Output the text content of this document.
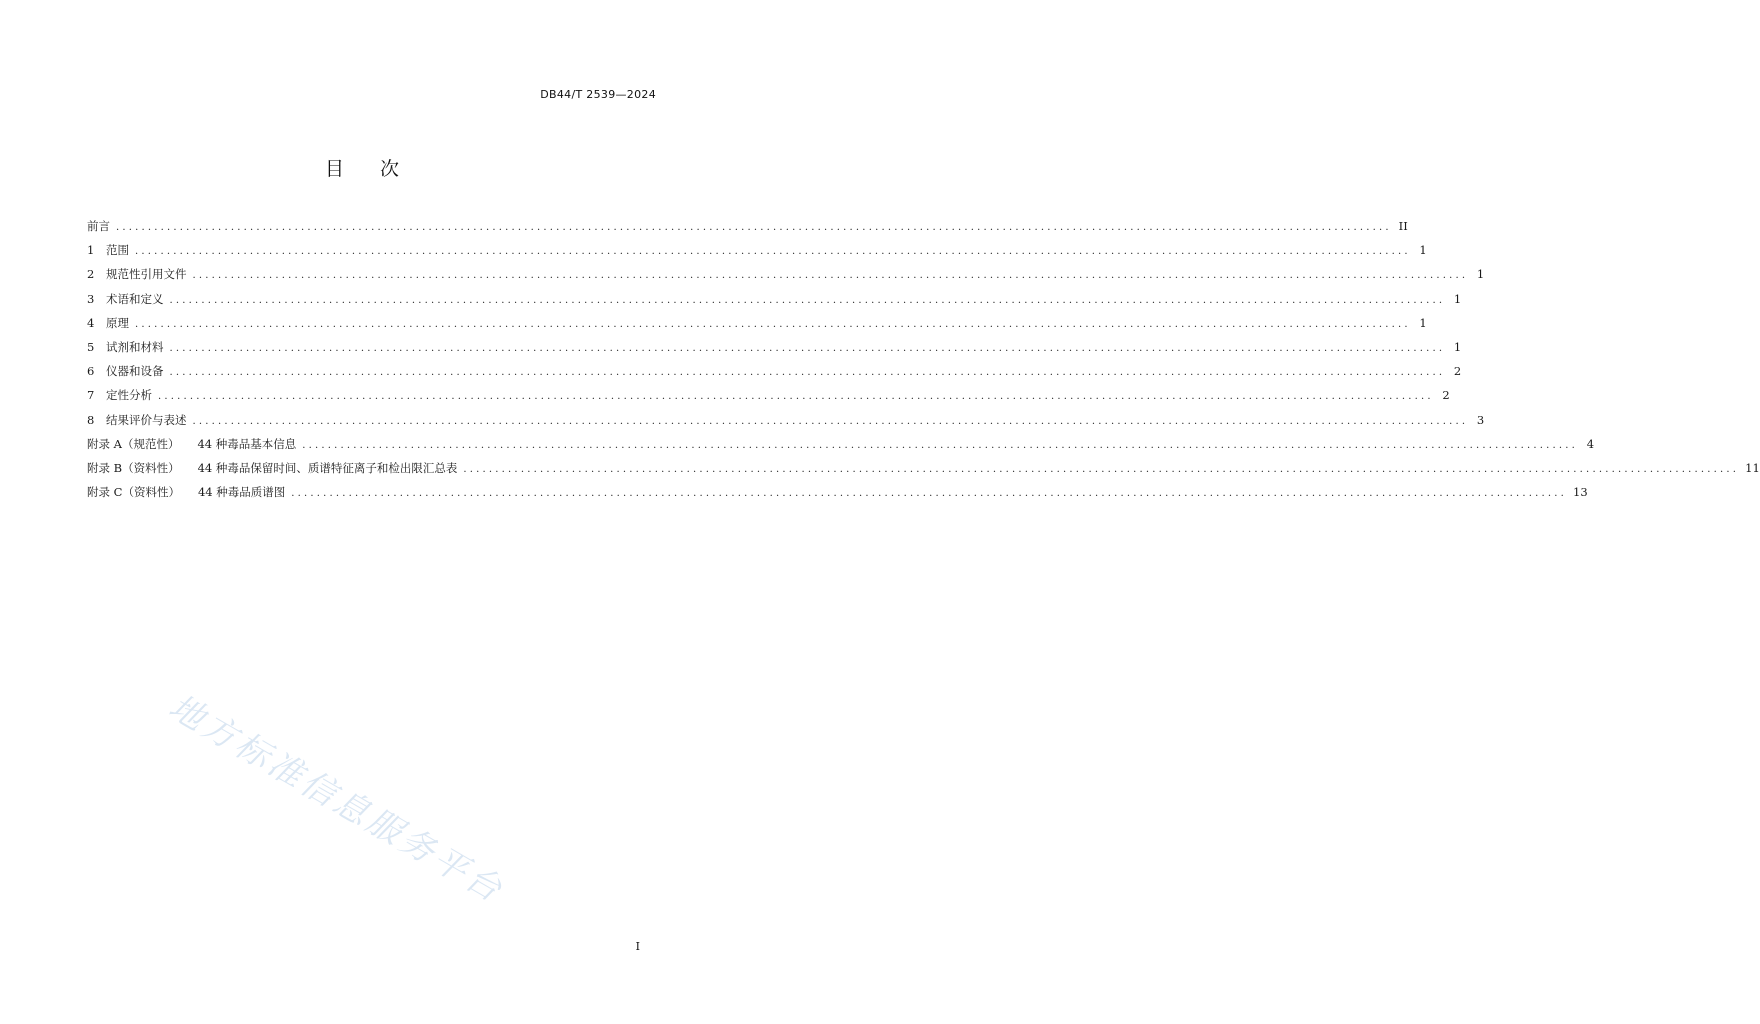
DB44/T 2539—2024
目 次
前言 ........................................................................................................................................................................................................ II
1	范围 ........................................................................................................................................................................................................ 1
2	规范性引用文件 ........................................................................................................................................................................................................ 1
3	术语和定义 ........................................................................................................................................................................................................ 1
4	原理 ........................................................................................................................................................................................................ 1
5	试剂和材料 ........................................................................................................................................................................................................ 1
6	仪器和设备 ........................................................................................................................................................................................................ 2
7	定性分析 ........................................................................................................................................................................................................ 2
8	结果评价与表述 ........................................................................................................................................................................................................ 3
附录 A（规范性） 44 种毒品基本信息 ........................................................................................................................................................................................................ 4
附录 B（资料性） 44 种毒品保留时间、质谱特征离子和检出限汇总表 ........................................................................................................................................................................................................ 11
附录 C（资料性） 44 种毒品质谱图 ........................................................................................................................................................................................................ 13
地方标准信息服务平台
I
